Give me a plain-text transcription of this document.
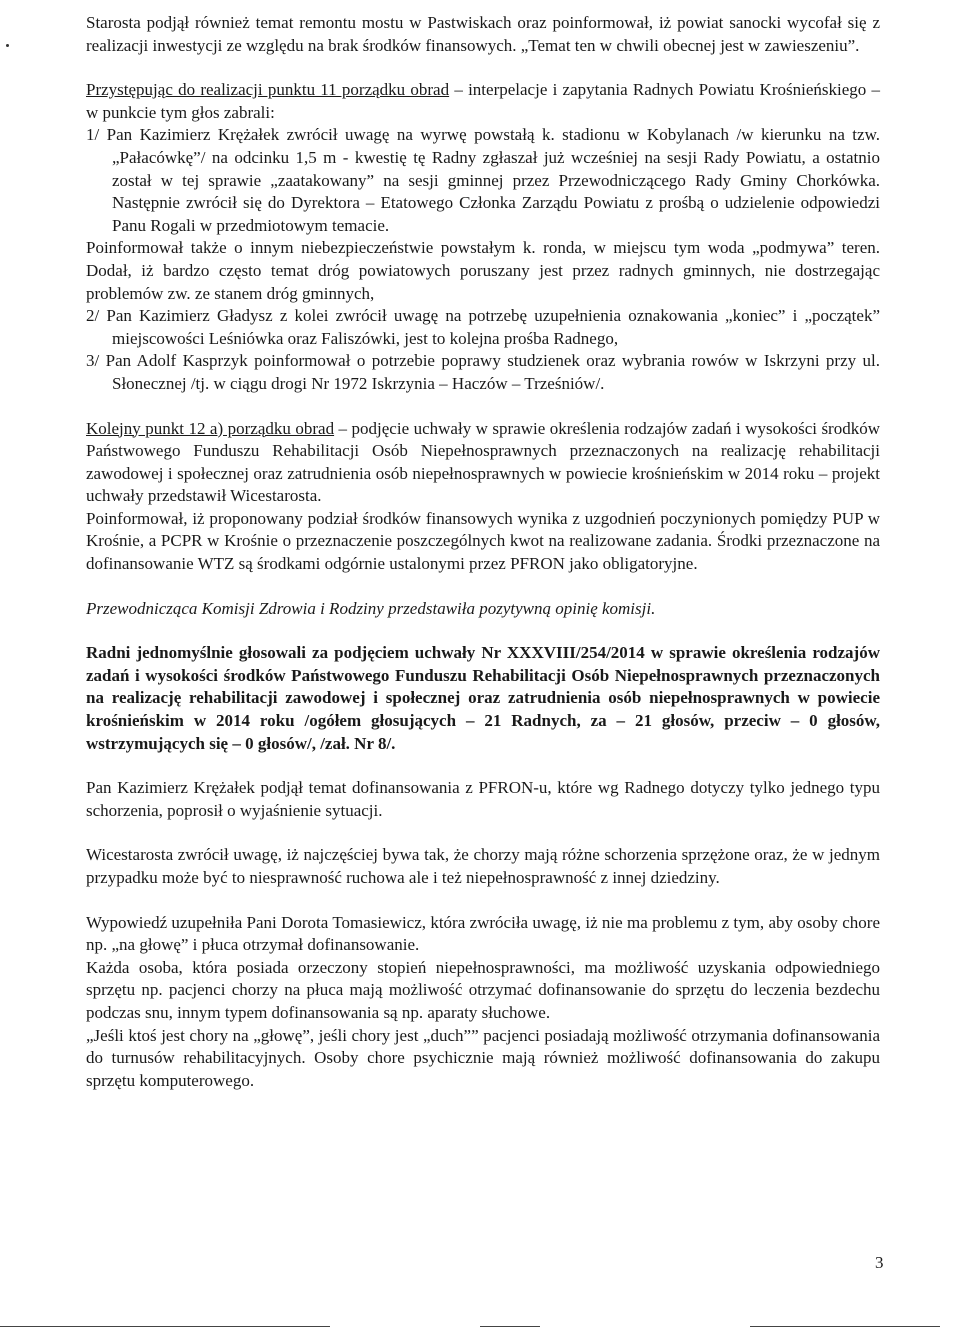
Starosta podjął również temat remontu mostu w Pastwiskach oraz poinformował, iż powiat sanocki wycofał się z realizacji inwestycji ze względu na brak środków finansowych. „Temat ten w chwili obecnej jest w zawieszeniu”.

Przystępując do realizacji punktu 11 porządku obrad – interpelacje i zapytania Radnych Powiatu Krośnieńskiego – w punkcie tym głos zabrali:

1/ Pan Kazimierz Krężałek zwrócił uwagę na wyrwę powstałą k. stadionu w Kobylanach /w kierunku na tzw. „Pałacówkę”/ na odcinku 1,5 m - kwestię tę Radny zgłaszał już wcześniej na sesji Rady Powiatu, a ostatnio został w tej sprawie „zaatakowany” na sesji gminnej przez Przewodniczącego Rady Gminy Chorkówka. Następnie zwrócił się do Dyrektora – Etatowego Członka Zarządu Powiatu z prośbą o udzielenie odpowiedzi Panu Rogali w przedmiotowym temacie.

Poinformował także o innym niebezpieczeństwie powstałym k. ronda, w miejscu tym woda „podmywa” teren. Dodał, iż bardzo często temat dróg powiatowych poruszany jest przez radnych gminnych, nie dostrzegając problemów zw. ze stanem dróg gminnych,

2/ Pan Kazimierz Gładysz z kolei zwrócił uwagę na potrzebę uzupełnienia oznakowania „koniec” i „początek” miejscowości Leśniówka oraz Faliszówki, jest to kolejna prośba Radnego,

3/ Pan Adolf Kasprzyk poinformował o potrzebie poprawy studzienek oraz wybrania rowów w Iskrzyni przy ul. Słonecznej /tj. w ciągu drogi Nr 1972 Iskrzynia – Haczów – Trześniów/.

Kolejny punkt 12 a) porządku obrad – podjęcie uchwały w sprawie określenia rodzajów zadań i wysokości środków Państwowego Funduszu Rehabilitacji Osób Niepełnosprawnych przeznaczonych na realizację rehabilitacji zawodowej i społecznej oraz zatrudnienia osób niepełnosprawnych w powiecie krośnieńskim w 2014 roku – projekt uchwały przedstawił Wicestarosta.

Poinformował, iż proponowany podział środków finansowych wynika z uzgodnień poczynionych pomiędzy PUP w Krośnie, a PCPR w Krośnie o przeznaczenie poszczególnych kwot na realizowane zadania. Środki przeznaczone na dofinansowanie WTZ są środkami odgórnie ustalonymi przez PFRON jako obligatoryjne.

Przewodnicząca Komisji Zdrowia i Rodziny przedstawiła pozytywną opinię komisji.

Radni jednomyślnie głosowali za podjęciem uchwały Nr XXXVIII/254/2014 w sprawie określenia rodzajów zadań i wysokości środków Państwowego Funduszu Rehabilitacji Osób Niepełnosprawnych przeznaczonych na realizację rehabilitacji zawodowej i społecznej oraz zatrudnienia osób niepełnosprawnych w powiecie krośnieńskim w 2014 roku /ogółem głosujących – 21 Radnych, za – 21 głosów, przeciw – 0 głosów, wstrzymujących się – 0 głosów/, /zał. Nr 8/.

Pan Kazimierz Krężałek podjął temat dofinansowania z PFRON-u, które wg Radnego dotyczy tylko jednego typu schorzenia, poprosił o wyjaśnienie sytuacji.

Wicestarosta zwrócił uwagę, iż najczęściej bywa tak, że chorzy mają różne schorzenia sprzężone oraz, że w jednym przypadku może być to niesprawność ruchowa ale i też niepełnosprawność z innej dziedziny.

Wypowiedź uzupełniła Pani Dorota Tomasiewicz, która zwróciła uwagę, iż nie ma problemu z tym, aby osoby chore np. „na głowę” i płuca otrzymał dofinansowanie.

Każda osoba, która posiada orzeczony stopień niepełnosprawności, ma możliwość uzyskania odpowiedniego sprzętu np. pacjenci chorzy na płuca mają możliwość otrzymać dofinansowanie do sprzętu do leczenia bezdechu podczas snu, innym typem dofinansowania są np. aparaty słuchowe.

„Jeśli ktoś jest chory na „głowę”, jeśli chory jest „duch”” pacjenci posiadają możliwość otrzymania dofinansowania do turnusów rehabilitacyjnych. Osoby chore psychicznie mają również możliwość dofinansowania do zakupu sprzętu komputerowego.

3
